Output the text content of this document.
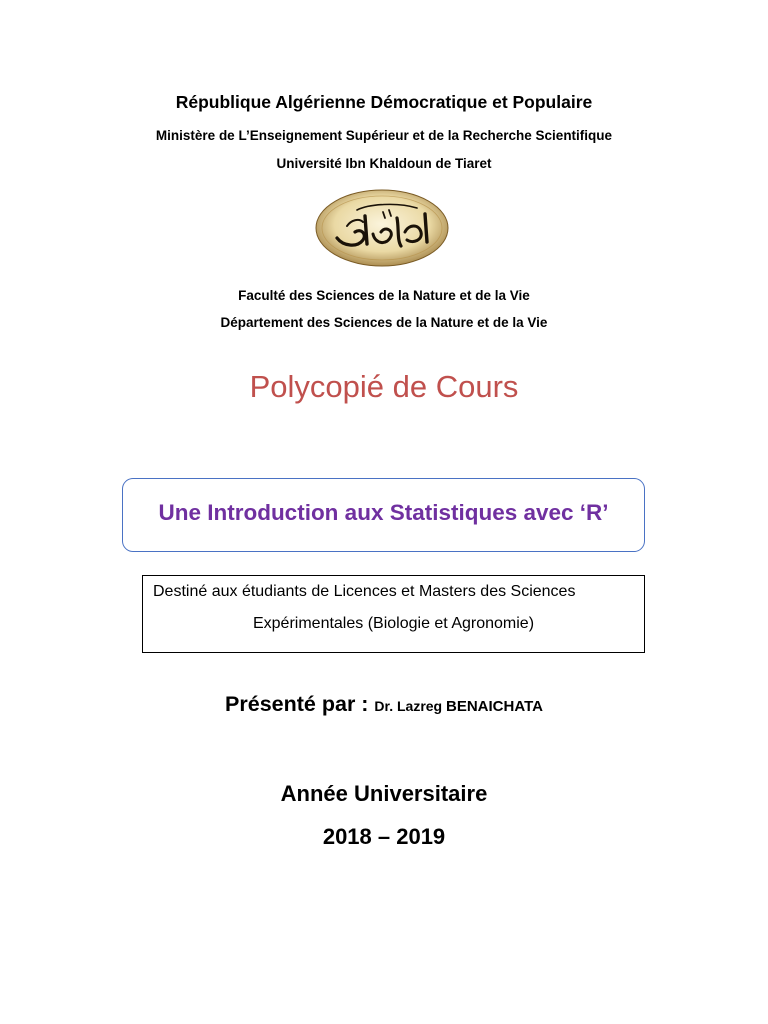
République Algérienne Démocratique et Populaire
Ministère de L’Enseignement Supérieur et de la Recherche Scientifique
Université Ibn Khaldoun de Tiaret
Faculté des Sciences de la Nature et de la Vie
Département des Sciences de la Nature et de la Vie
Polycopié de Cours
Une Introduction aux Statistiques avec ‘R’
Destiné aux étudiants de Licences et Masters des Sciences
Expérimentales (Biologie et Agronomie)
Présenté par : Dr. Lazreg BENAICHATA
Année Universitaire
2018 – 2019
